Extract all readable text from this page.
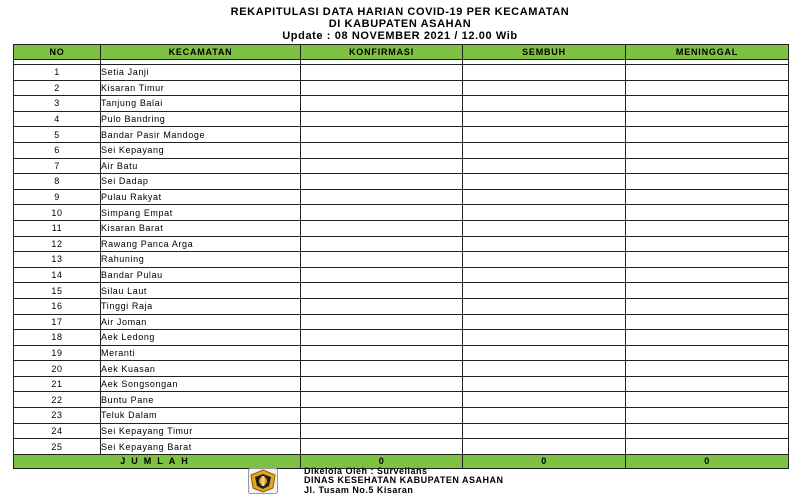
REKAPITULASI DATA HARIAN COVID-19 PER KECAMATAN
DI KABUPATEN ASAHAN
Update : 08 NOVEMBER 2021 / 12.00 Wib
NO	KECAMATAN	KONFIRMASI	SEMBUH	MENINGGAL

1	Setia Janji			
2	Kisaran Timur			
3	Tanjung Balai			
4	Pulo Bandring			
5	Bandar Pasir Mandoge			
6	Sei Kepayang			
7	Air Batu			
8	Sei Dadap			
9	Pulau Rakyat			
10	Simpang Empat			
11	Kisaran Barat			
12	Rawang Panca Arga			
13	Rahuning			
14	Bandar Pulau			
15	Silau Laut			
16	Tinggi Raja			
17	Air Joman			
18	Aek Ledong			
19	Meranti			
20	Aek Kuasan			
21	Aek Songsongan			
22	Buntu Pane			
23	Teluk Dalam			
24	Sei Kepayang Timur			
25	Sei Kepayang Barat			
JUMLAH		0	0	0
Dikelola Oleh : Surveilans
DINAS KESEHATAN KABUPATEN ASAHAN
Jl. Tusam No.5 Kisaran
